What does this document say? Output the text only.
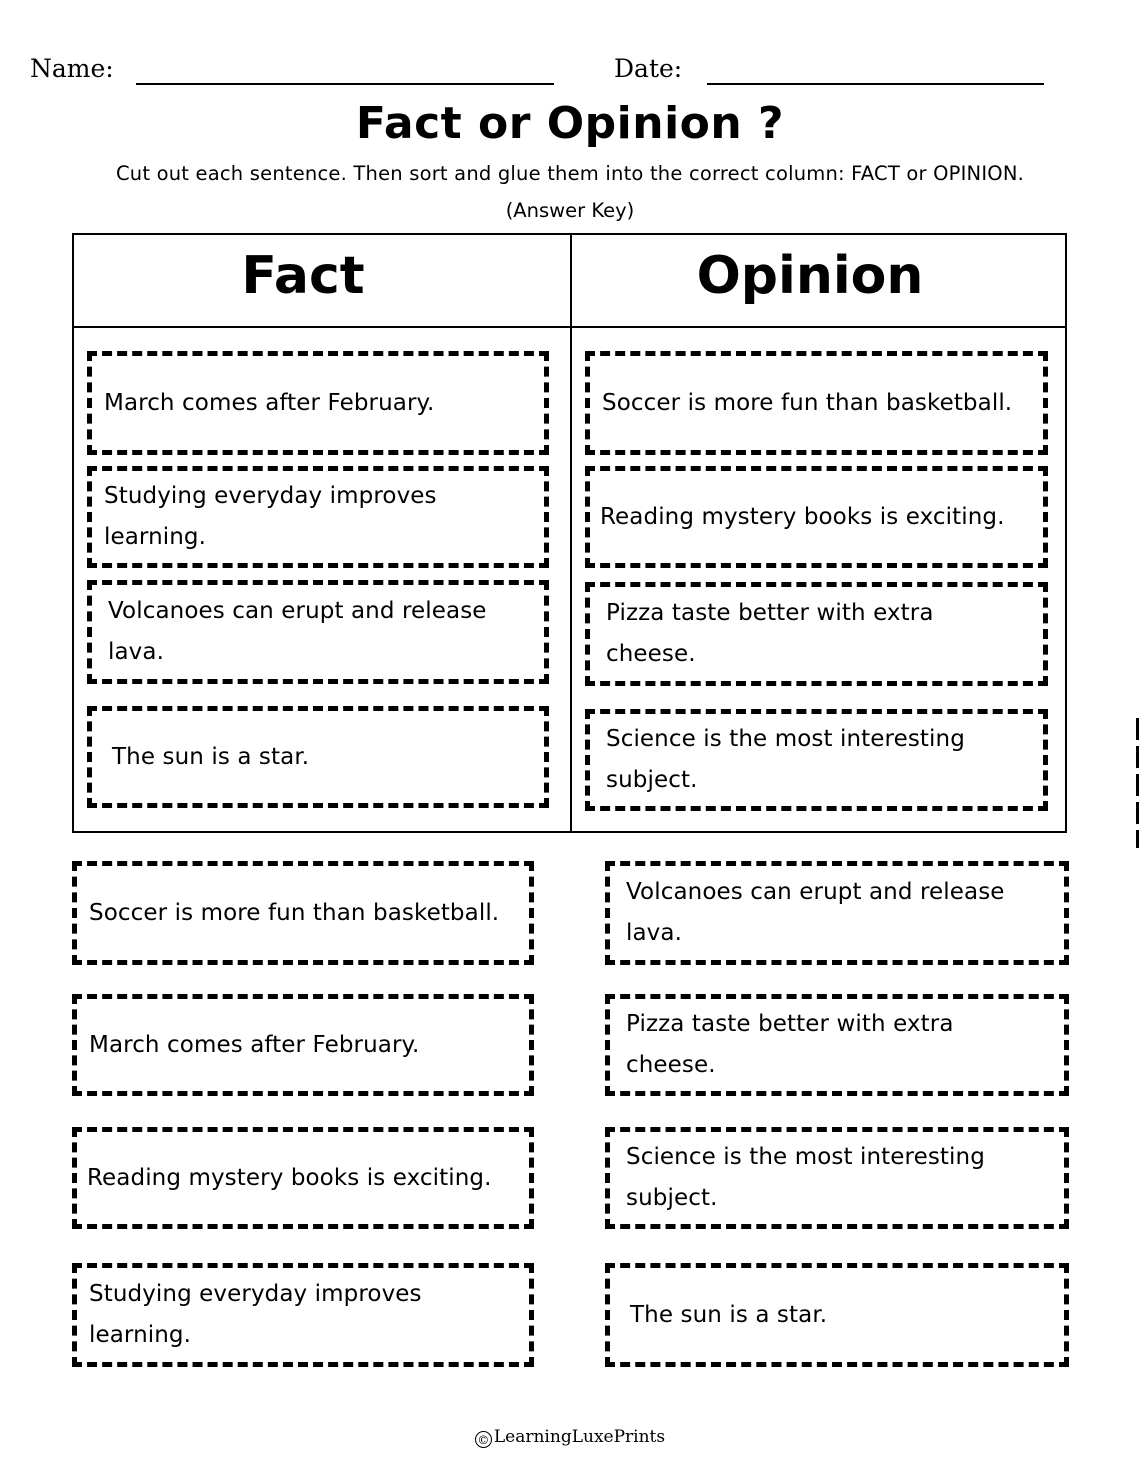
Name:	Date:
Fact or Opinion ?
Cut out each sentence. Then sort and glue them into the correct column: FACT or OPINION.
(Answer Key)
Fact	Opinion
March comes after February.
Studying everyday improves learning.
Volcanoes can erupt and release lava.
The sun is a star.
Soccer is more fun than basketball.
Reading mystery books is exciting.
Pizza taste better with extra cheese.
Science is the most interesting subject.
Soccer is more fun than basketball.
March comes after February.
Reading mystery books is exciting.
Studying everyday improves learning.
Volcanoes can erupt and release lava.
Pizza taste better with extra cheese.
Science is the most interesting subject.
The sun is a star.
© LearningLuxePrints
